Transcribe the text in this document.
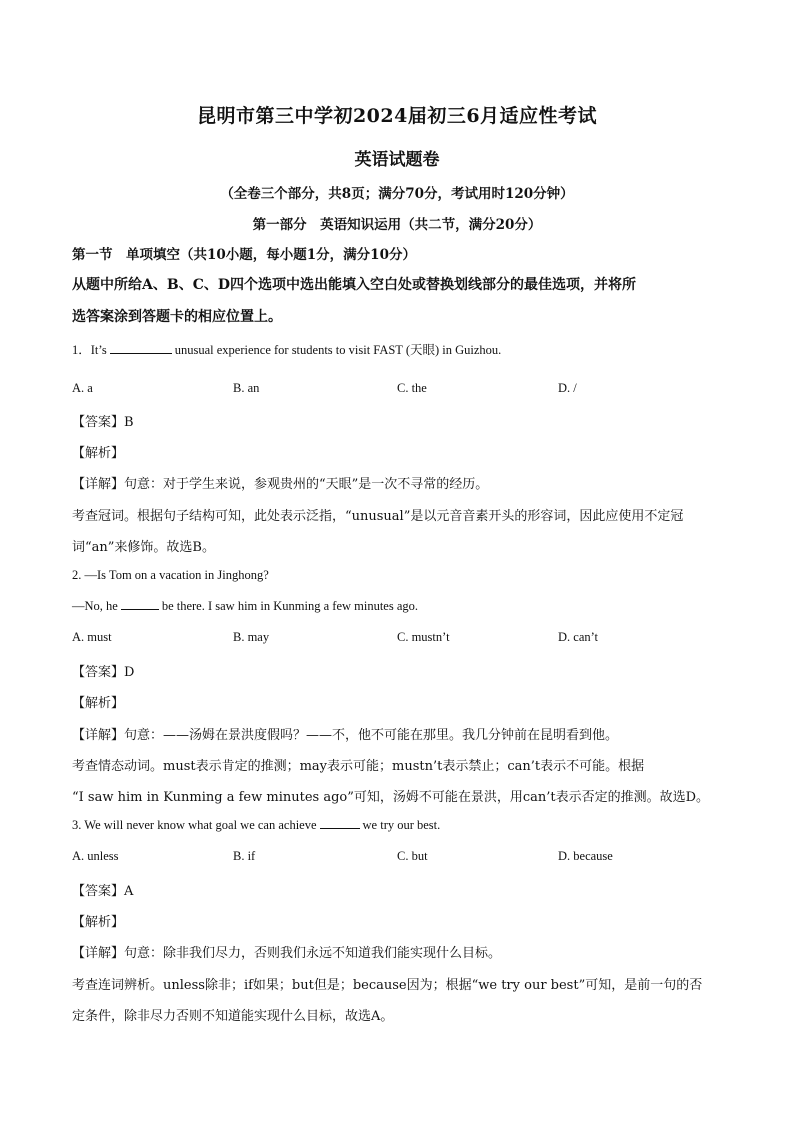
昆明市第三中学初2024届初三6月适应性考试
英语试题卷
（全卷三个部分，共8页；满分70分，考试用时120分钟）
第一部分　英语知识运用（共二节，满分20分）
第一节　单项填空（共10小题，每小题1分，满分10分）
从题中所给A、B、C、D四个选项中选出能填入空白处或替换划线部分的最佳选项，并将所
选答案涂到答题卡的相应位置上。
1．It’s	unusual experience for students to visit FAST (天眼) in Guizhou.
A. a	B. an	C. the	D. /
【答案】B
【解析】
【详解】句意：对于学生来说，参观贵州的“天眼”是一次不寻常的经历。
考查冠词。根据句子结构可知，此处表示泛指，“unusual”是以元音音素开头的形容词，因此应使用不定冠
词“an”来修饰。故选B。
2. —Is Tom on a vacation in Jinghong?
—No, he	be there. I saw him in Kunming a few minutes ago.
A. must	B. may	C. mustn’t	D. can’t
【答案】D
【解析】
【详解】句意：——汤姆在景洪度假吗？——不，他不可能在那里。我几分钟前在昆明看到他。
考查情态动词。must表示肯定的推测；may表示可能；mustn’t表示禁止；can’t表示不可能。根据
“I saw him in Kunming a few minutes ago”可知，汤姆不可能在景洪，用can’t表示否定的推测。故选D。
3. We will never know what goal we can achieve	we try our best.
A. unless	B. if	C. but	D. because
【答案】A
【解析】
【详解】句意：除非我们尽力，否则我们永远不知道我们能实现什么目标。
考查连词辨析。unless除非；if如果；but但是；because因为；根据“we try our best”可知，是前一句的否
定条件，除非尽力否则不知道能实现什么目标，故选A。
